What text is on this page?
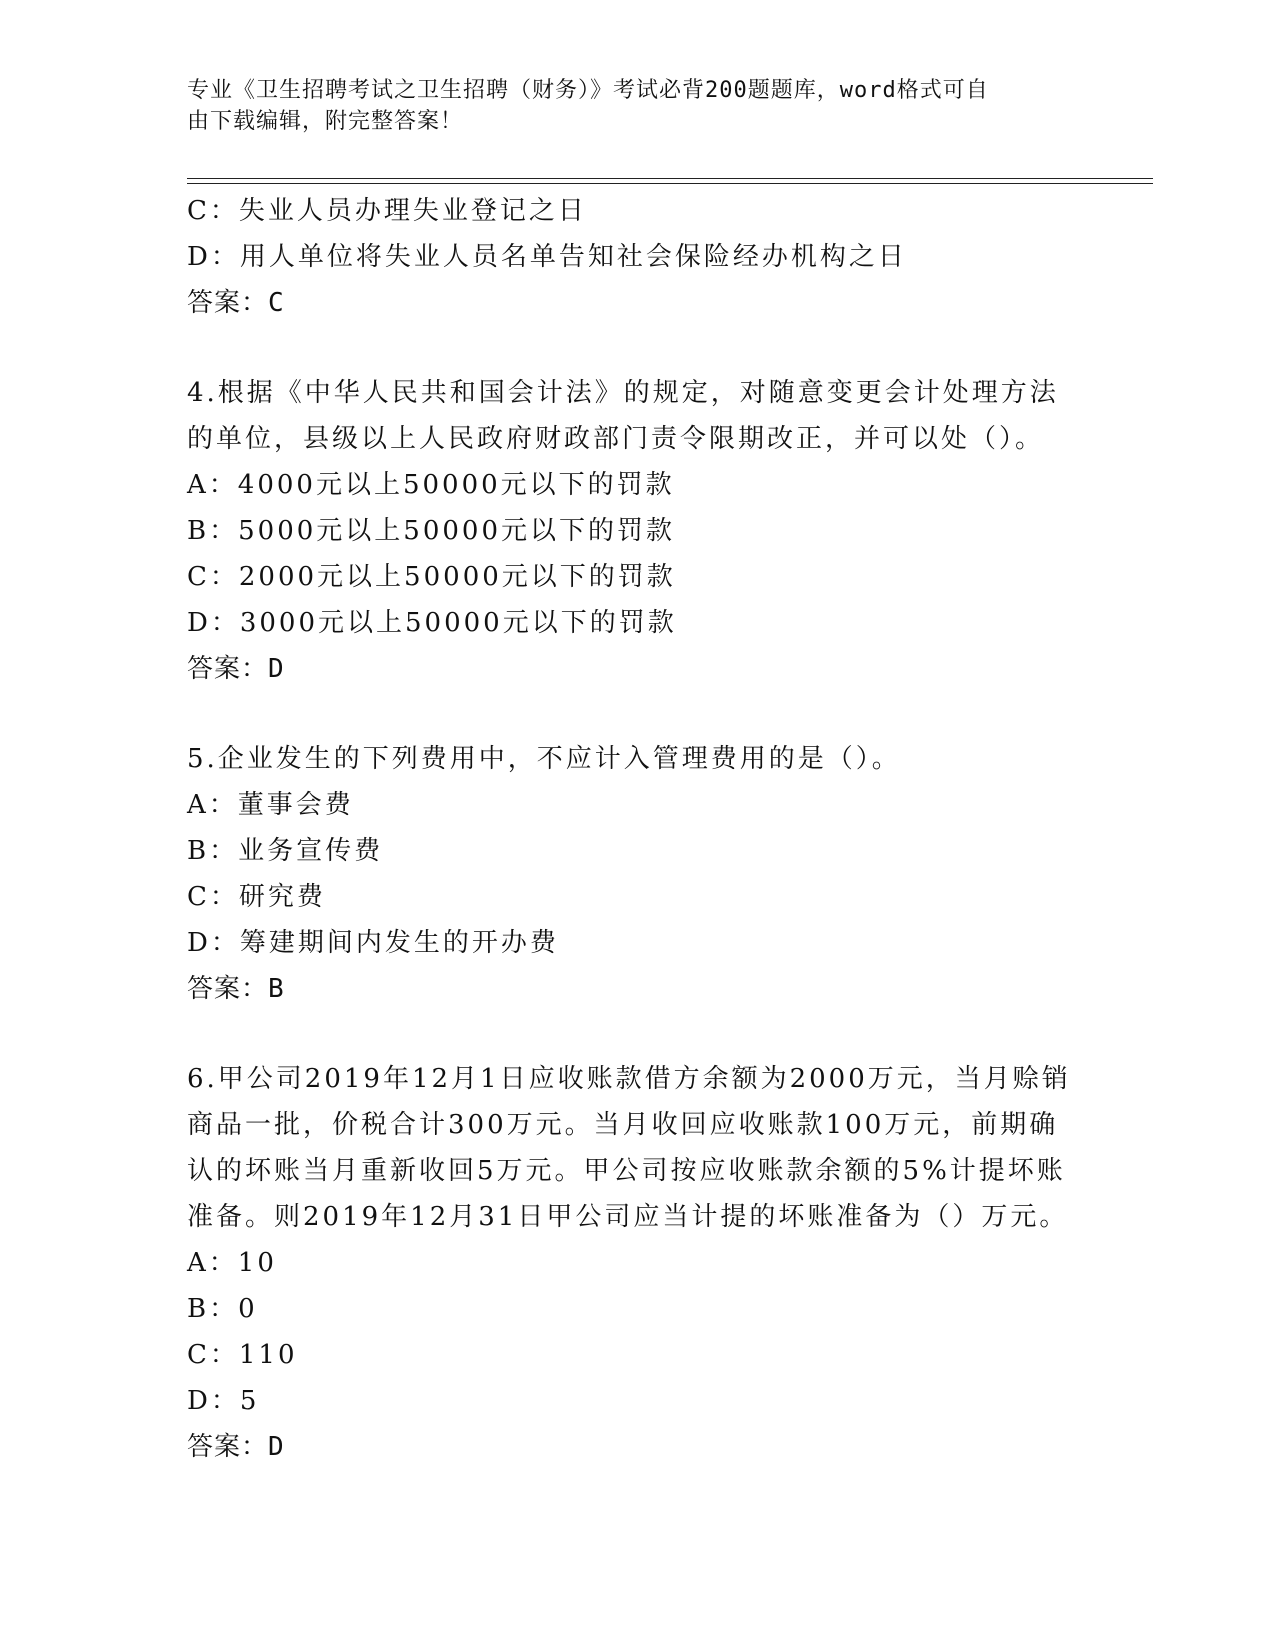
专业《卫生招聘考试之卫生招聘（财务）》考试必背200题题库，word格式可自
由下载编辑，附完整答案！
C：失业人员办理失业登记之日
D：用人单位将失业人员名单告知社会保险经办机构之日
答案：C
4.根据《中华人民共和国会计法》的规定，对随意变更会计处理方法
的单位，县级以上人民政府财政部门责令限期改正，并可以处（）。
A：4000元以上50000元以下的罚款
B：5000元以上50000元以下的罚款
C：2000元以上50000元以下的罚款
D：3000元以上50000元以下的罚款
答案：D
5.企业发生的下列费用中，不应计入管理费用的是（）。
A：董事会费
B：业务宣传费
C：研究费
D：筹建期间内发生的开办费
答案：B
6.甲公司2019年12月1日应收账款借方余额为2000万元，当月赊销
商品一批，价税合计300万元。当月收回应收账款100万元，前期确
认的坏账当月重新收回5万元。甲公司按应收账款余额的5%计提坏账
准备。则2019年12月31日甲公司应当计提的坏账准备为（）万元。
A：10
B：0
C：110
D：5
答案：D
